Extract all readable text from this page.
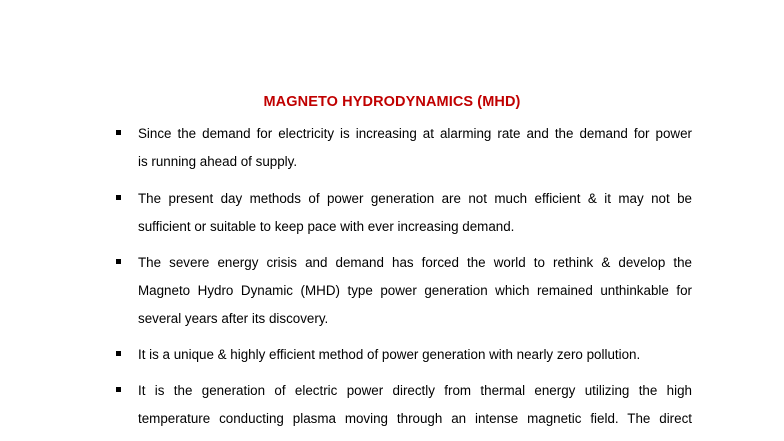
MAGNETO HYDRODYNAMICS (MHD)
Since the demand for electricity is increasing at alarming rate and the demand for power
is running ahead of supply.
The present day methods of power generation are not much efficient & it may not be
sufficient or suitable to keep pace with ever increasing demand.
The severe energy crisis and demand has forced the world to rethink & develop the
Magneto Hydro Dynamic (MHD) type power generation which remained unthinkable for
several years after its discovery.
It is a unique & highly efficient method of power generation with nearly zero pollution.
It is the generation of electric power directly from thermal energy utilizing the high
temperature conducting plasma moving through an intense magnetic field. The direct
